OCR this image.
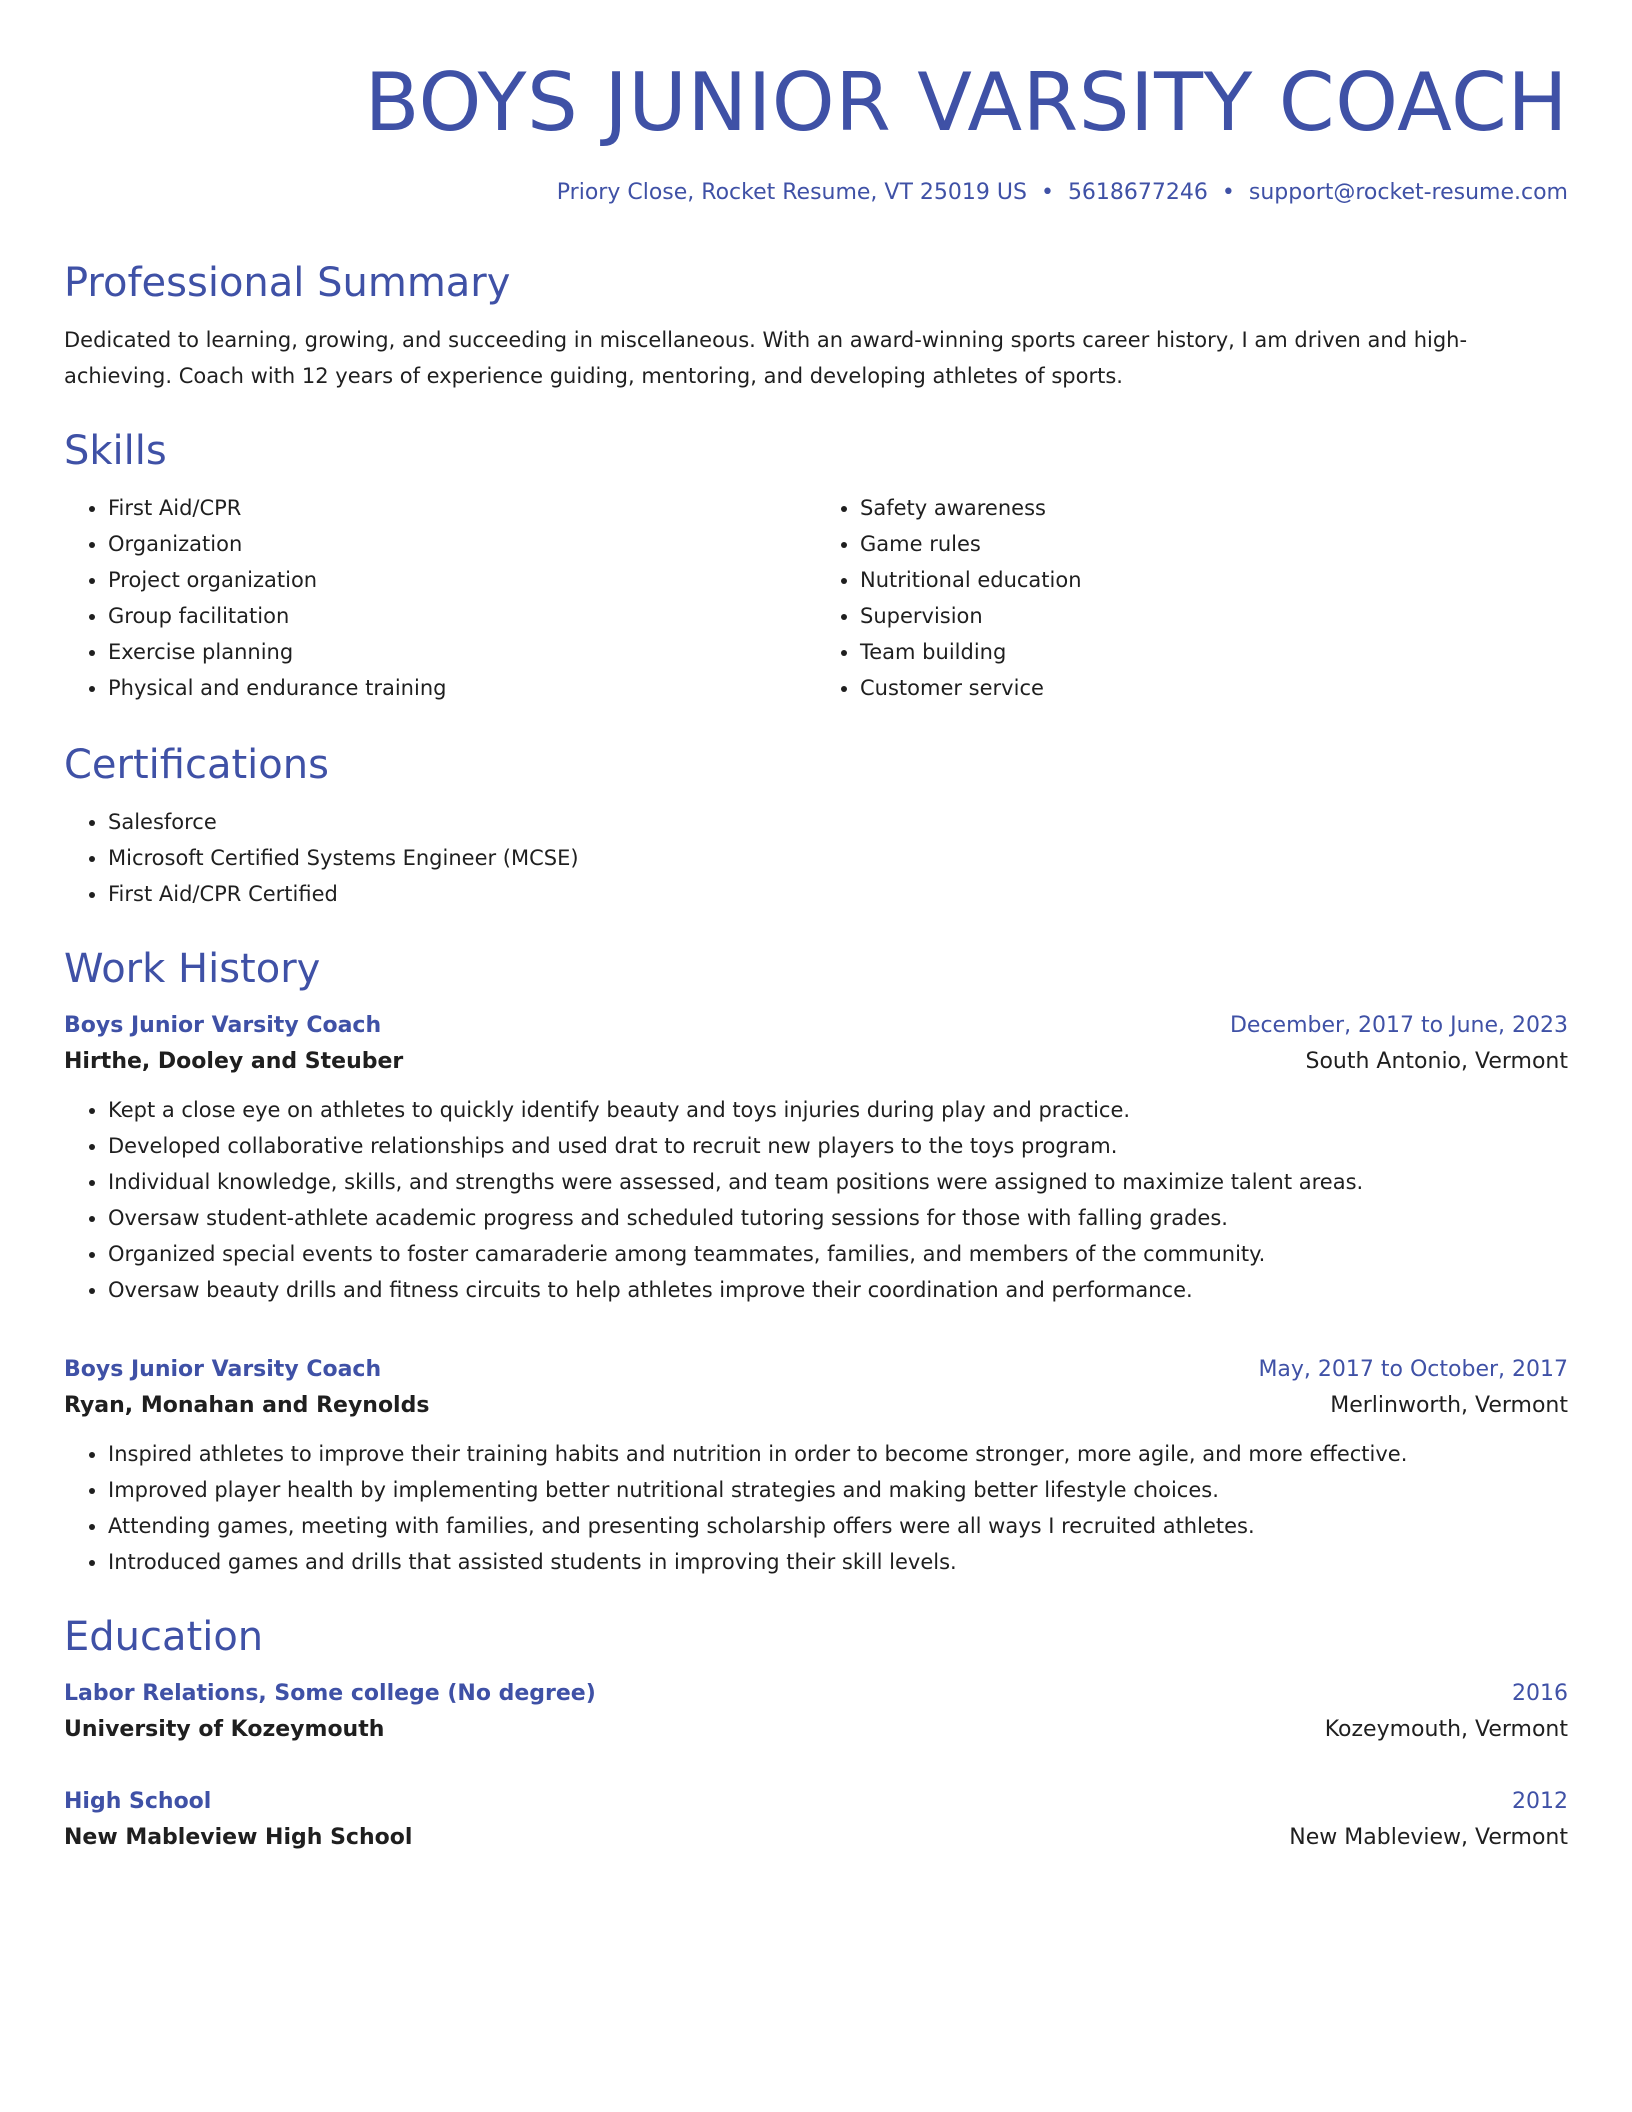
BOYS JUNIOR VARSITY COACH
Priory Close, Rocket Resume, VT 25019 US • 5618677246 • support@rocket-resume.com
Professional Summary

Dedicated to learning, growing, and succeeding in miscellaneous. With an award-winning sports career history, I am driven and high-achieving. Coach with 12 years of experience guiding, mentoring, and developing athletes of sports.

Skills
• First Aid/CPR
• Organization
• Project organization
• Group facilitation
• Exercise planning
• Physical and endurance training
• Safety awareness
• Game rules
• Nutritional education
• Supervision
• Team building
• Customer service
Certifications
• Salesforce
• Microsoft Certified Systems Engineer (MCSE)
• First Aid/CPR Certified
Work History
Boys Junior Varsity Coach	December, 2017 to June, 2023
Hirthe, Dooley and Steuber	South Antonio, Vermont
• Kept a close eye on athletes to quickly identify beauty and toys injuries during play and practice.
• Developed collaborative relationships and used drat to recruit new players to the toys program.
• Individual knowledge, skills, and strengths were assessed, and team positions were assigned to maximize talent areas.
• Oversaw student-athlete academic progress and scheduled tutoring sessions for those with falling grades.
• Organized special events to foster camaraderie among teammates, families, and members of the community.
• Oversaw beauty drills and fitness circuits to help athletes improve their coordination and performance.
Boys Junior Varsity Coach	May, 2017 to October, 2017
Ryan, Monahan and Reynolds	Merlinworth, Vermont
• Inspired athletes to improve their training habits and nutrition in order to become stronger, more agile, and more effective.
• Improved player health by implementing better nutritional strategies and making better lifestyle choices.
• Attending games, meeting with families, and presenting scholarship offers were all ways I recruited athletes.
• Introduced games and drills that assisted students in improving their skill levels.
Education
Labor Relations, Some college (No degree)	2016
University of Kozeymouth	Kozeymouth, Vermont
High School	2012
New Mableview High School	New Mableview, Vermont
